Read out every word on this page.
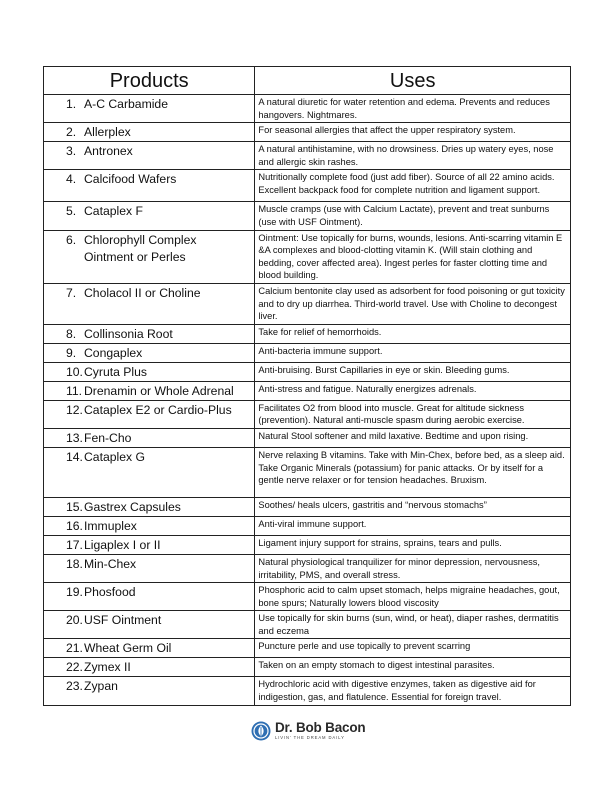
Products	Uses
1. A-C Carbamide	A natural diuretic for water retention and edema. Prevents and reduces hangovers. Nightmares.
2. Allerplex	For seasonal allergies that affect the upper respiratory system.
3. Antronex	A natural antihistamine, with no drowsiness. Dries up watery eyes, nose and allergic skin rashes.
4. Calcifood Wafers	Nutritionally complete food (just add fiber). Source of all 22 amino acids. Excellent backpack food for complete nutrition and ligament support.
5. Cataplex F	Muscle cramps (use with Calcium Lactate), prevent and treat sunburns (use with USF Ointment).
6. Chlorophyll Complex
Ointment or Perles	Ointment: Use topically for burns, wounds, lesions. Anti-scarring vitamin E &A complexes and blood-clotting vitamin K. (Will stain clothing and bedding, cover affected area). Ingest perles for faster clotting time and blood building.
7. Cholacol II or Choline	Calcium bentonite clay used as adsorbent for food poisoning or gut toxicity and to dry up diarrhea. Third-world travel. Use with Choline to decongest liver.
8. Collinsonia Root	Take for relief of hemorrhoids.
9. Congaplex	Anti-bacteria immune support.
10.Cyruta Plus	Anti-bruising. Burst Capillaries in eye or skin. Bleeding gums.
11. Drenamin or Whole Adrenal	Anti-stress and fatigue. Naturally energizes adrenals.
12.Cataplex E2 or Cardio-Plus	Facilitates O2 from blood into muscle. Great for altitude sickness (prevention). Natural anti-muscle spasm during aerobic exercise.
13.Fen-Cho	Natural Stool softener and mild laxative. Bedtime and upon rising.
14.Cataplex G	Nerve relaxing B vitamins. Take with Min-Chex, before bed, as a sleep aid. Take Organic Minerals (potassium) for panic attacks. Or by itself for a gentle nerve relaxer or for tension headaches. Bruxism.
15.Gastrex Capsules	Soothes/ heals ulcers, gastritis and “nervous stomachs”
16.Immuplex	Anti-viral immune support.
17.Ligaplex I or II	Ligament injury support for strains, sprains, tears and pulls.
18.Min-Chex	Natural physiological tranquilizer for minor depression, nervousness, irritability, PMS, and overall stress.
19.Phosfood	Phosphoric acid to calm upset stomach, helps migraine headaches, gout, bone spurs; Naturally lowers blood viscosity
20.USF Ointment	Use topically for skin burns (sun, wind, or heat), diaper rashes, dermatitis and eczema
21.Wheat Germ Oil	Puncture perle and use topically to prevent scarring
22.Zymex II	Taken on an empty stomach to digest intestinal parasites.
23.Zypan	Hydrochloric acid with digestive enzymes, taken as digestive aid for indigestion, gas, and flatulence. Essential for foreign travel.
Dr. Bob Bacon
LIVIN' THE DREAM DAILY
